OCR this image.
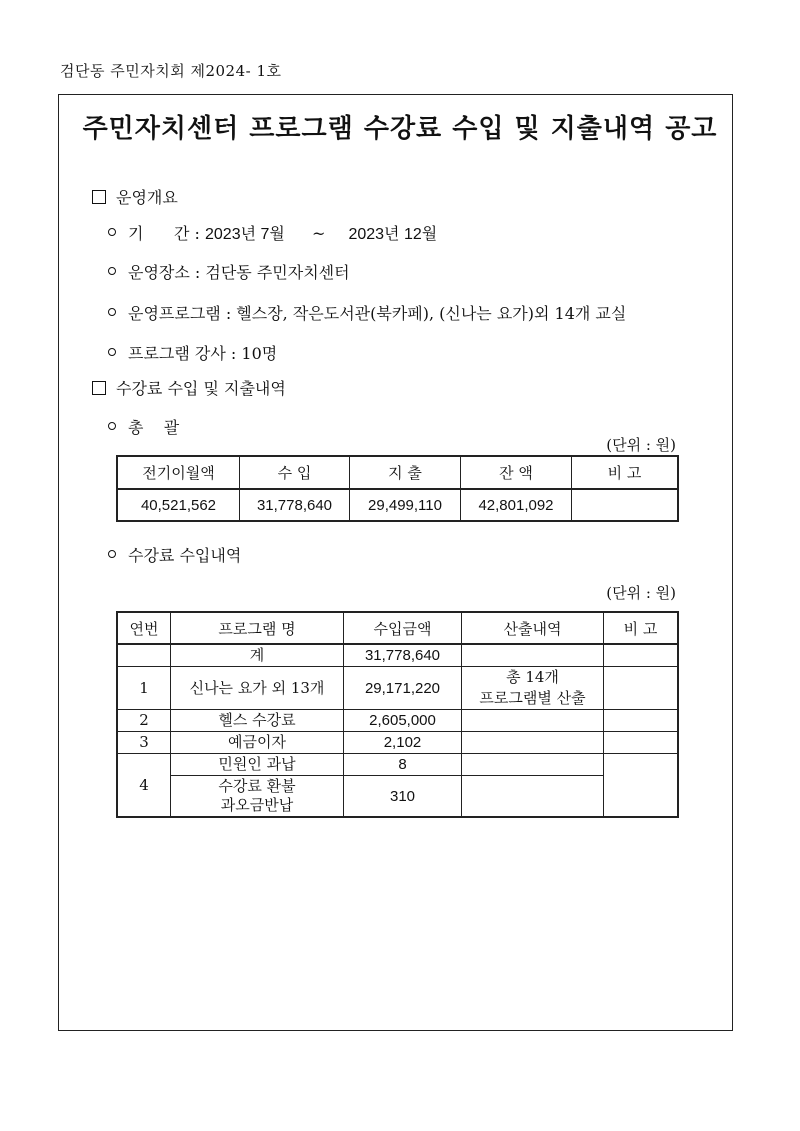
검단동 주민자치회 제2024- 1호
주민자치센터 프로그램 수강료 수입 및 지출내역 공고
운영개요
기      간 : 2023년 7월 ~ 2023년 12월
운영장소 : 검단동 주민자치센터
운영프로그램 : 헬스장, 작은도서관(북카페), (신나는 요가)외 14개 교실
프로그램 강사 : 10명
수강료 수입 및 지출내역
총    괄
(단위 : 원)
전기이월액	수 입	지 출	잔 액	비 고
40,521,562	31,778,640	29,499,110	42,801,092	
수강료 수입내역
(단위 : 원)
연번	프로그램 명	수입금액	산출내역	비 고
	계	31,778,640		
1	신나는 요가 외 13개	29,171,220	총 14개
프로그램별 산출	

2	헬스 수강료	2,605,000		
3	예금이자	2,102		
4	민원인 과납	8		

	수강료 환불
과오금반납	310		
